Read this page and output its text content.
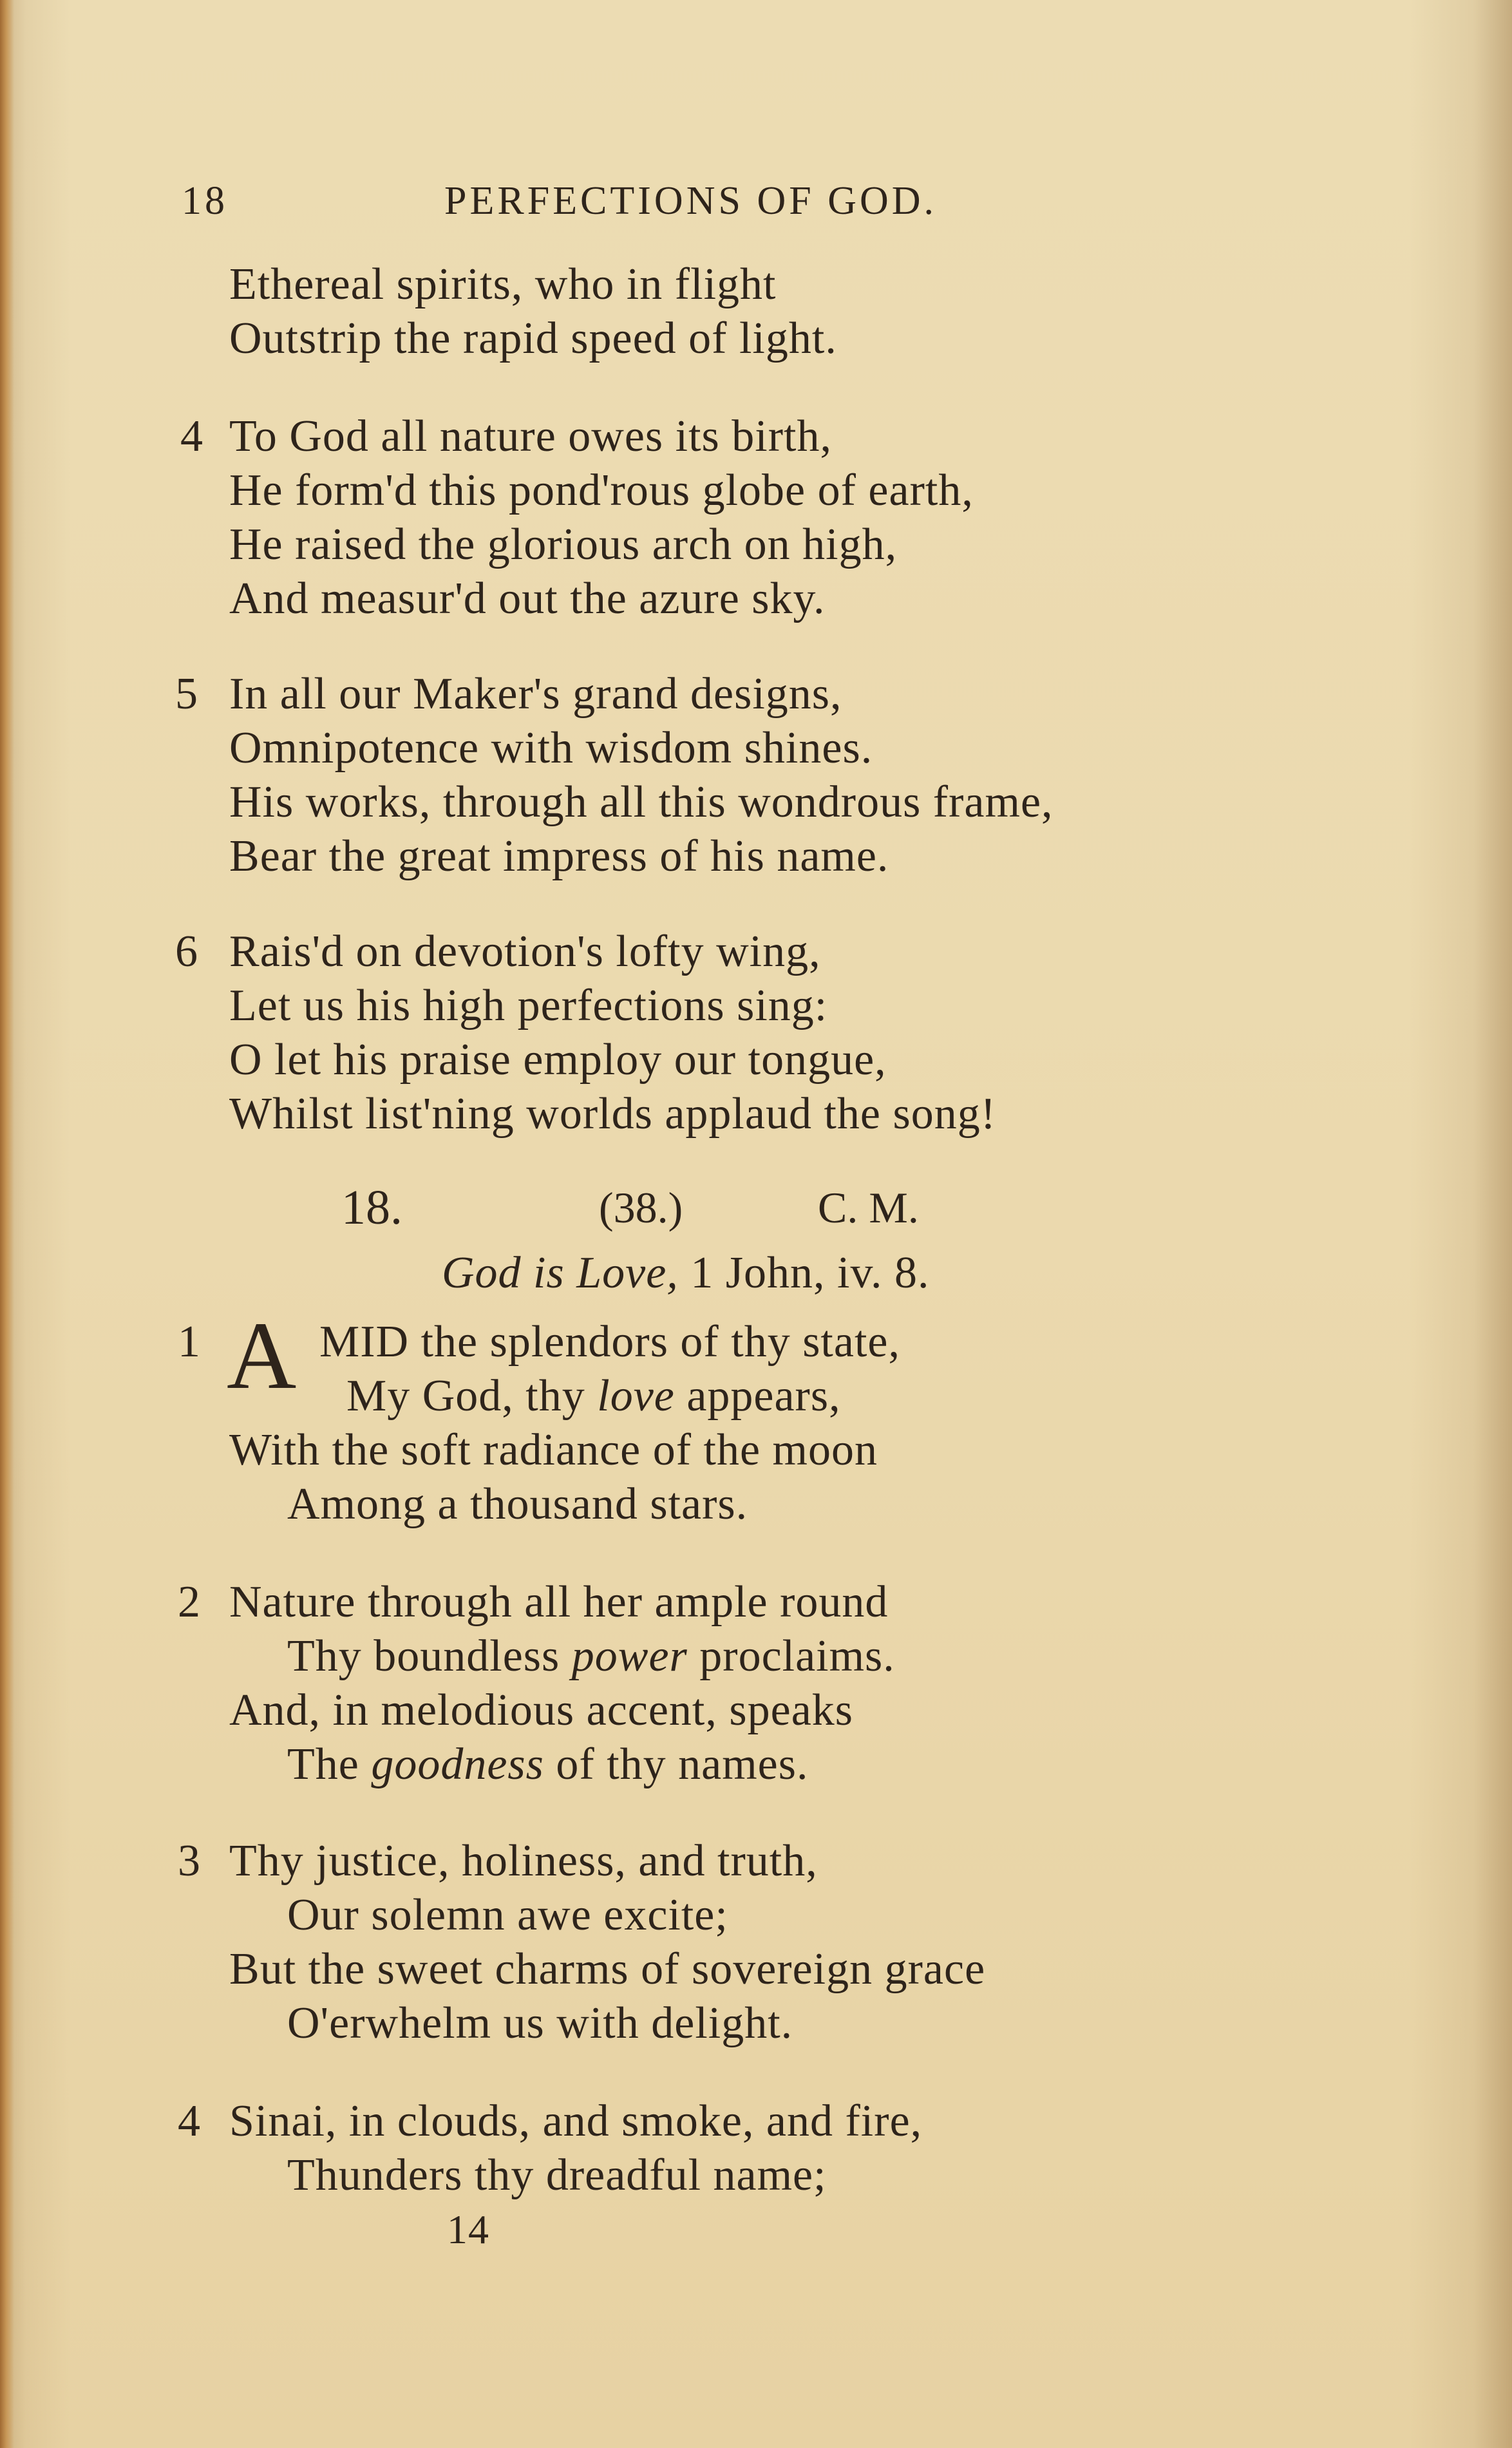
18	PERFECTIONS OF GOD.
Ethereal spirits, who in flight
Outstrip the rapid speed of light.
4 To God all nature owes its birth,
He form'd this pond'rous globe of earth,
He raised the glorious arch on high,
And measur'd out the azure sky.
5 In all our Maker's grand designs,
Omnipotence with wisdom shines.
His works, through all this wondrous frame,
Bear the great impress of his name.
6 Rais'd on devotion's lofty wing,
Let us his high perfections sing:
O let his praise employ our tongue,
Whilst list'ning worlds applaud the song!
18.	(38.)	C. M.
God is Love, 1 John, iv. 8.
1 A MID the splendors of thy state,
My God, thy love appears,
With the soft radiance of the moon
Among a thousand stars.
2 Nature through all her ample round
Thy boundless power proclaims.
And, in melodious accent, speaks
The goodness of thy names.
3 Thy justice, holiness, and truth,
Our solemn awe excite;
But the sweet charms of sovereign grace
O'erwhelm us with delight.
4 Sinai, in clouds, and smoke, and fire,
Thunders thy dreadful name;
14
